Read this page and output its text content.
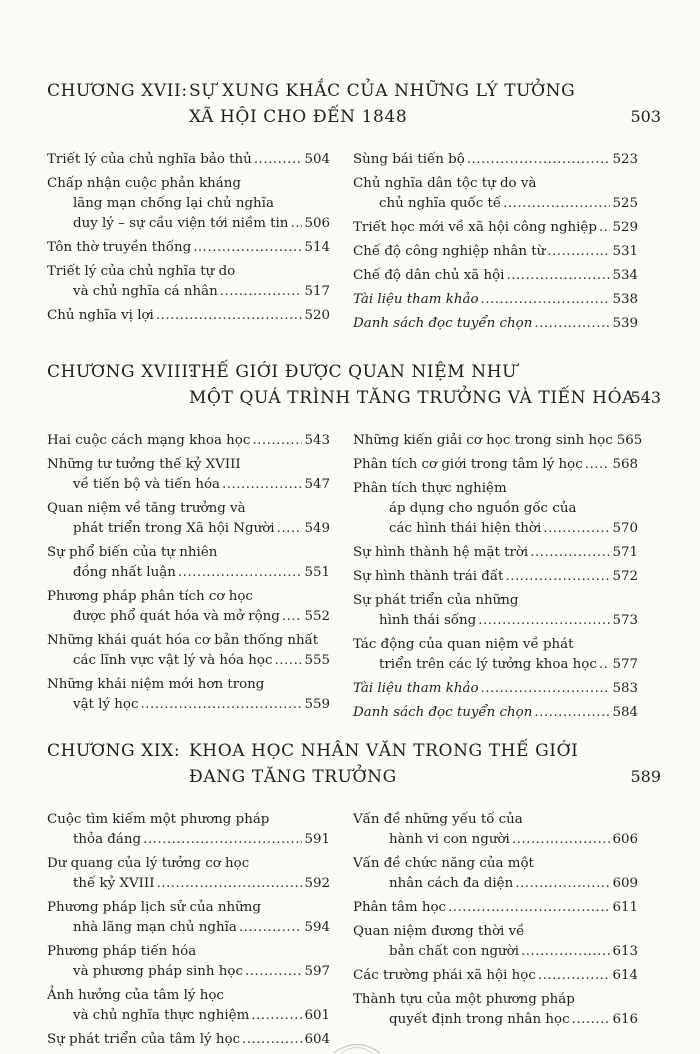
CHƯƠNG XVII: SỰ XUNG KHẮC CỦA NHỮNG LÝ TƯỞNG
XÃ HỘI CHO ĐẾN 1848	503
Triết lý của chủ nghĩa bảo thủ .....	504
Chấp nhận cuộc phản kháng
lãng mạn chống lại chủ nghĩa
duy lý – sự cầu viện tới niềm tin ..... 506
Tôn thờ truyền thống .....	514
Triết lý của chủ nghĩa tự do
và chủ nghĩa cá nhân .....	517
Chủ nghĩa vị lợi .....	520
Sùng bái tiến bộ .....	523
Chủ nghĩa dân tộc tự do và
chủ nghĩa quốc tế .....	525
Triết học mới về xã hội công nghiệp ..... 529
Chế độ công nghiệp nhân từ .....	531
Chế độ dân chủ xã hội .....	534
Tài liệu tham khảo .....	538
Danh sách đọc tuyển chọn .....	539
CHƯƠNG XVIII:
THẾ GIỚI ĐƯỢC QUAN NIỆM NHƯ
MỘT QUÁ TRÌNH TĂNG TRƯỞNG VÀ TIẾN HÓA
543
Hai cuộc cách mạng khoa học .....	543
Những tư tưởng thế kỷ XVIII
về tiến bộ và tiến hóa .....	547
Quan niệm về tăng trưởng và
phát triển trong Xã hội Người ..... 549
Sự phổ biến của tự nhiên
đồng nhất luận .....	551
Phương pháp phân tích cơ học
được phổ quát hóa và mở rộng ..... 552
Những khái quát hóa cơ bản thống nhất
các lĩnh vực vật lý và hóa học ..... 555
Những khái niệm mới hơn trong
vật lý học .....	559
Những kiến giải cơ học trong sinh học 565
Phân tích cơ giới trong tâm lý học ..... 568
Phân tích thực nghiệm
áp dụng cho nguồn gốc của
các hình thái hiện thời .....	570
Sự hình thành hệ mặt trời .....	571
Sự hình thành trái đất .....	572
Sự phát triển của những
hình thái sống .....	573
Tác động của quan niệm về phát
triển trên các lý tưởng khoa học ..... 577
Tài liệu tham khảo .....	583
Danh sách đọc tuyển chọn .....	584
CHƯƠNG XIX: KHOA HỌC NHÂN VĂN TRONG THẾ GIỚI
ĐANG TĂNG TRƯỞNG	589
Cuộc tìm kiếm một phương pháp
thỏa đáng .....	591
Dư quang của lý tưởng cơ học
thế kỷ XVIII .....	592
Phương pháp lịch sử của những
nhà lãng mạn chủ nghĩa .....	594
Phương pháp tiến hóa
và phương pháp sinh học .....	597
Ảnh hưởng của tâm lý học
và chủ nghĩa thực nghiệm .....	601
Sự phát triển của tâm lý học .....	604
Vấn đề những yếu tố của
hành vi con người .....	606
Vấn đề chức năng của một
nhân cách đa diện .....	609
Phân tâm học .....	611
Quan niệm đương thời về
bản chất con người .....	613
Các trường phái xã hội học .....	614
Thành tựu của một phương pháp
quyết định trong nhân học .....	616
